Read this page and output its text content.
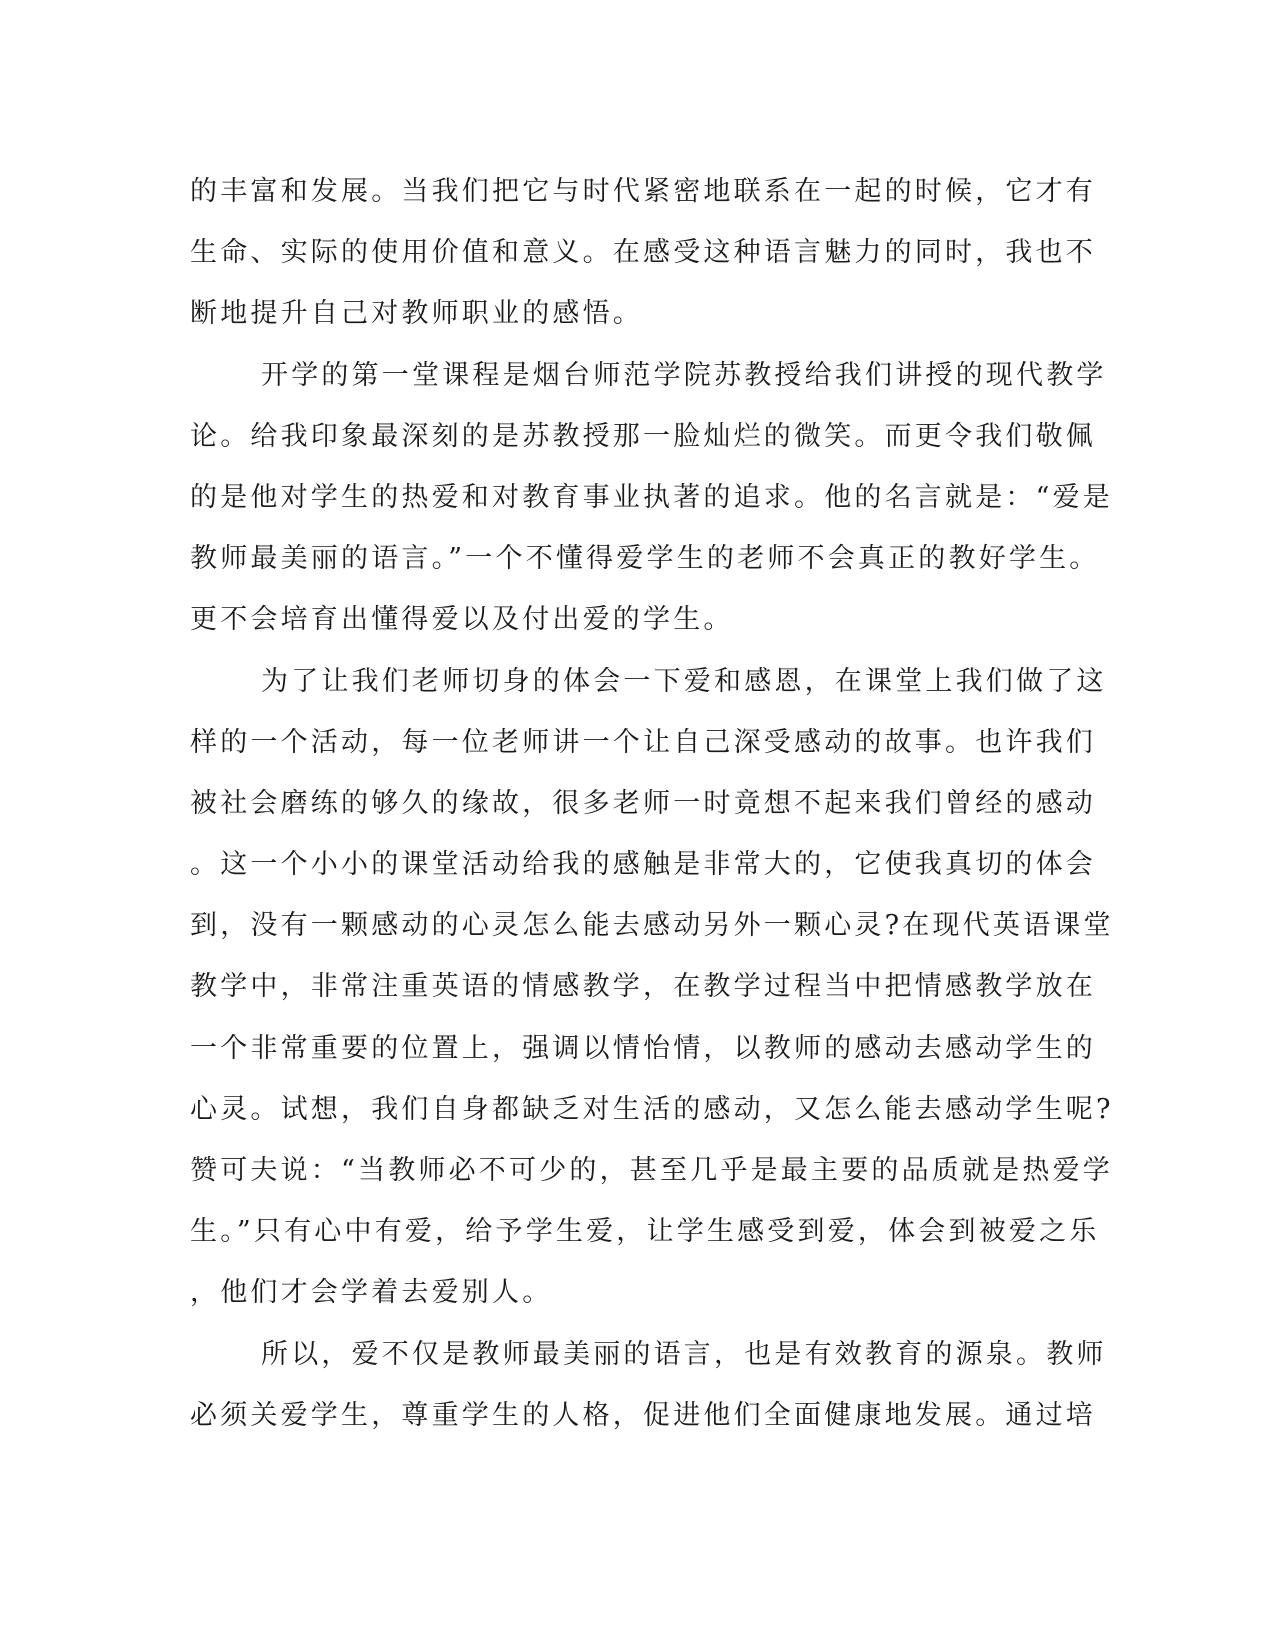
的丰富和发展。当我们把它与时代紧密地联系在一起的时候，它才有
生命、实际的使用价值和意义。在感受这种语言魅力的同时，我也不
断地提升自己对教师职业的感悟。
开学的第一堂课程是烟台师范学院苏教授给我们讲授的现代教学
论。给我印象最深刻的是苏教授那一脸灿烂的微笑。而更令我们敬佩
的是他对学生的热爱和对教育事业执著的追求。他的名言就是：“爱是
教师最美丽的语言。”一个不懂得爱学生的老师不会真正的教好学生。
更不会培育出懂得爱以及付出爱的学生。
为了让我们老师切身的体会一下爱和感恩，在课堂上我们做了这
样的一个活动，每一位老师讲一个让自己深受感动的故事。也许我们
被社会磨练的够久的缘故，很多老师一时竟想不起来我们曾经的感动
。这一个小小的课堂活动给我的感触是非常大的，它使我真切的体会
到，没有一颗感动的心灵怎么能去感动另外一颗心灵?在现代英语课堂
教学中，非常注重英语的情感教学，在教学过程当中把情感教学放在
一个非常重要的位置上，强调以情怡情，以教师的感动去感动学生的
心灵。试想，我们自身都缺乏对生活的感动，又怎么能去感动学生呢?
赞可夫说：“当教师必不可少的，甚至几乎是最主要的品质就是热爱学
生。”只有心中有爱，给予学生爱，让学生感受到爱，体会到被爱之乐
，他们才会学着去爱别人。
所以，爱不仅是教师最美丽的语言，也是有效教育的源泉。教师
必须关爱学生，尊重学生的人格，促进他们全面健康地发展。通过培
